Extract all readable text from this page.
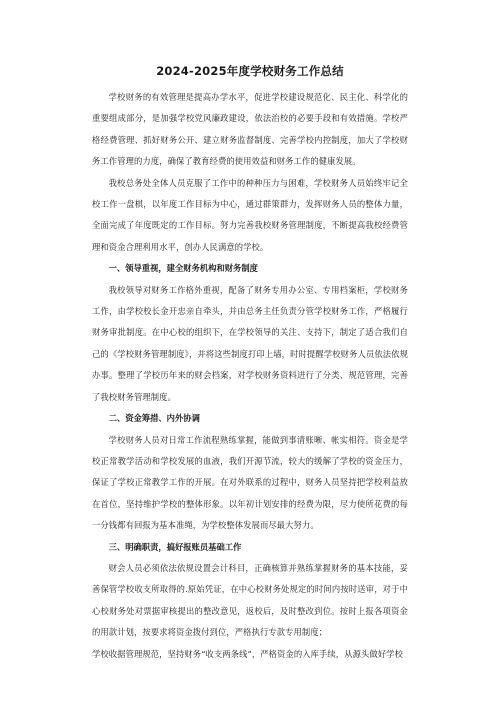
2024-2025年度学校财务工作总结

学校财务的有效管理是提高办学水平，促进学校建设规范化、民主化、科学化的重要组成部分，是加强学校党风廉政建设，依法治校的必要手段和有效措施。学校严格经费管理、抓好财务公开、建立财务监督制度、完善学校内控制度，加大了学校财务工作管理的力度，确保了教育经费的使用效益和财务工作的健康发展。

我校总务处全体人员克服了工作中的种种压力与困难，学校财务人员始终牢记全校工作一盘棋，以年度工作目标为中心，通过群策群力，发挥财务人员的整体力量，全面完成了年度既定的工作目标。努力完善我校财务管理制度，不断提高我校经费管理和资金合理利用水平，创办人民满意的学校。

一、领导重视，建全财务机构和财务制度

我校领导对财务工作格外重视，配备了财务专用办公室、专用档案柜，学校财务工作，由学校校长金开忠亲自牵头，并由总务主任负责分管学校财务工作，严格履行财务审批制度。在中心校的组织下，在学校领导的关注、支持下，制定了适合我们自己的《学校财务管理制度》，并将这些制度打印上墙，时时提醒学校财务人员依法依规办事。整理了学校历年来的财会档案，对学校财务资料进行了分类、规范管理，完善了我校财务管理制度。

二、资金筹措、内外协调

学校财务人员对日常工作流程熟练掌握，能做到事清账晰、帐实相符。资金是学校正常教学活动和学校发展的血液，我们开源节流，较大的缓解了学校的资金压力，保证了学校正常教学工作的开展。在对外联系的过程中，财务人员坚持把学校利益放在首位，坚持维护学校的整体形象。以年初计划安排的经费为限，尽力使所花费的每一分钱都有回报为基本准绳，为学校整体发展而尽最大努力。

三、明确职责，搞好报账员基础工作

财会人员必须依法依规设置会计科目，正确核算并熟练掌握财务的基本技能，妥善保管学校收支所取得的.原始凭证，在中心校财务处规定的时间内按时送审，对于中心校财务处对票据审核提出的整改意见，返校后，及时整改到位。按时上报各项资金的用款计划，按要求将资金拨付到位，严格执行专款专用制度；

学校收据管理规范，坚持财务“收支两条线”，严格资金的入库手续，从源头做好学校
